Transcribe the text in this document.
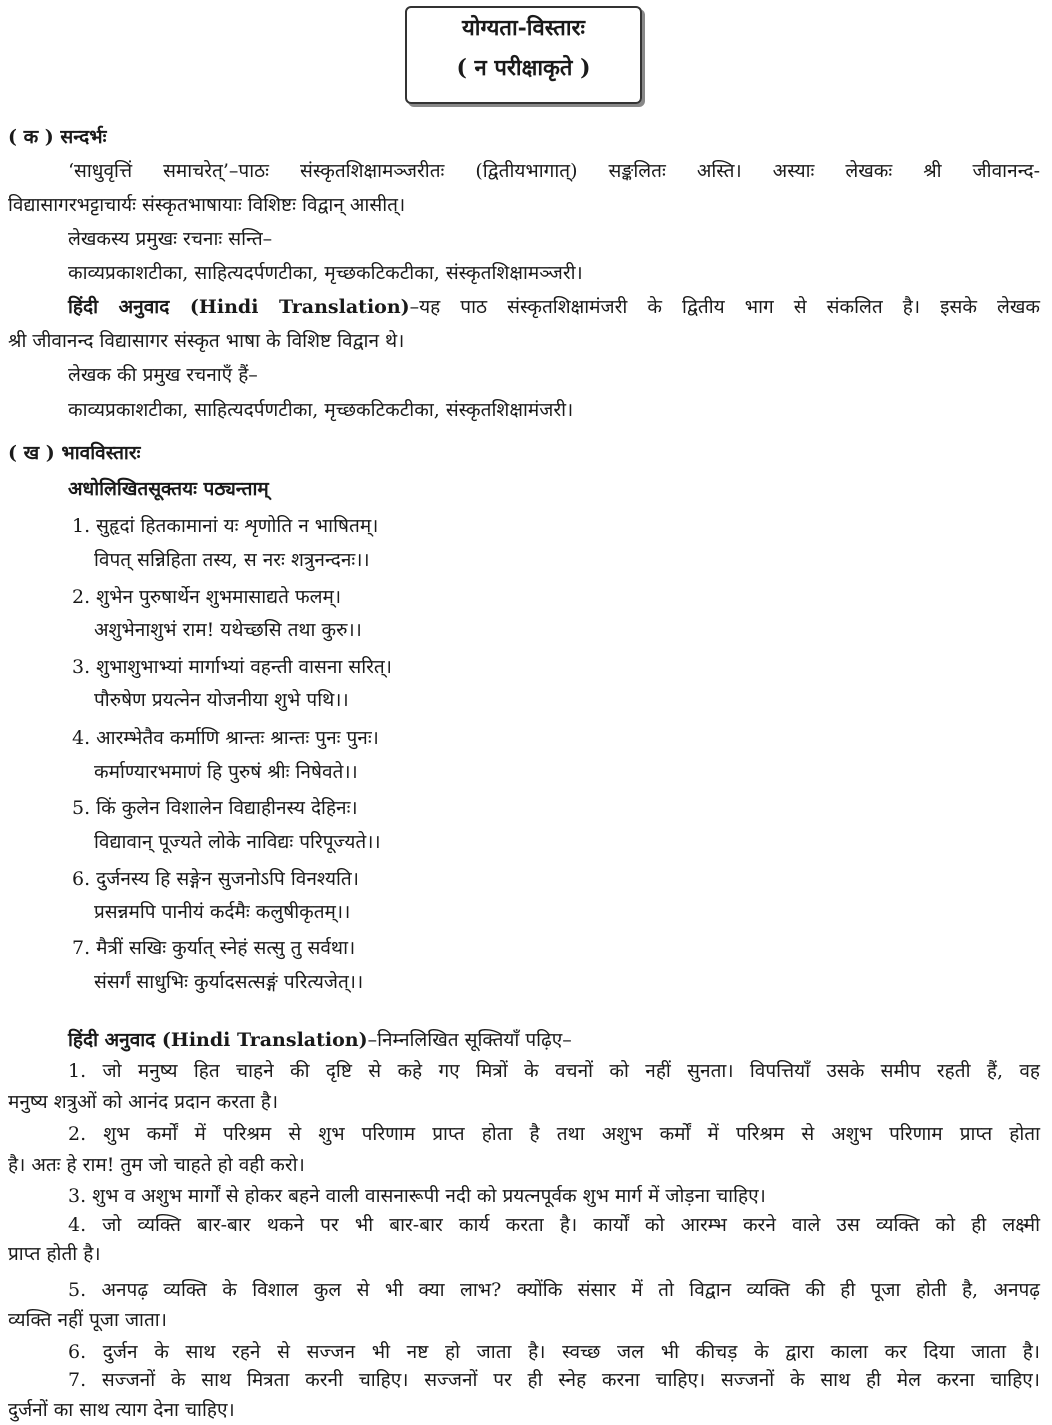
योग्यता-विस्तारः
( न परीक्षाकृते )
( क ) सन्दर्भः
‘साधुवृत्तिं समाचरेत्’–पाठः संस्कृतशिक्षामञ्जरीतः (द्वितीयभागात्) सङ्कलितः अस्ति। अस्याः लेखकः श्री जीवानन्द-
विद्यासागरभट्टाचार्यः संस्कृतभाषायाः विशिष्टः विद्वान् आसीत्।
लेखकस्य प्रमुखः रचनाः सन्ति–
काव्यप्रकाशटीका, साहित्यदर्पणटीका, मृच्छकटिकटीका, संस्कृतशिक्षामञ्जरी।
हिंदी अनुवाद (Hindi Translation)–यह पाठ संस्कृतशिक्षामंजरी के द्वितीय भाग से संकलित है। इसके लेखक
श्री जीवानन्द विद्यासागर संस्कृत भाषा के विशिष्ट विद्वान थे।
लेखक की प्रमुख रचनाएँ हैं–
काव्यप्रकाशटीका, साहित्यदर्पणटीका, मृच्छकटिकटीका, संस्कृतशिक्षामंजरी।
( ख ) भावविस्तारः
अधोलिखितसूक्तयः पठ्यन्ताम्
1. सुहृदां हितकामानां यः शृणोति न भाषितम्।
विपत् सन्निहिता तस्य, स नरः शत्रुनन्दनः।।
2. शुभेन पुरुषार्थेन शुभमासाद्यते फलम्।
अशुभेनाशुभं राम! यथेच्छसि तथा कुरु।।
3. शुभाशुभाभ्यां मार्गाभ्यां वहन्ती वासना सरित्।
पौरुषेण प्रयत्नेन योजनीया शुभे पथि।।
4. आरम्भेतैव कर्माणि श्रान्तः श्रान्तः पुनः पुनः।
कर्माण्यारभमाणं हि पुरुषं श्रीः निषेवते।।
5. किं कुलेन विशालेन विद्याहीनस्य देहिनः।
विद्यावान् पूज्यते लोके नाविद्यः परिपूज्यते।।
6. दुर्जनस्य हि सङ्गेन सुजनोऽपि विनश्यति।
प्रसन्नमपि पानीयं कर्दमैः कलुषीकृतम्।।
7. मैत्रीं सखिः कुर्यात् स्नेहं सत्सु तु सर्वथा।
संसर्गं साधुभिः कुर्यादसत्सङ्गं परित्यजेत्।।
हिंदी अनुवाद (Hindi Translation)–निम्नलिखित सूक्तियाँ पढ़िए–
1. जो मनुष्य हित चाहने की दृष्टि से कहे गए मित्रों के वचनों को नहीं सुनता। विपत्तियाँ उसके समीप रहती हैं, वह
मनुष्य शत्रुओं को आनंद प्रदान करता है।
2. शुभ कर्मों में परिश्रम से शुभ परिणाम प्राप्त होता है तथा अशुभ कर्मों में परिश्रम से अशुभ परिणाम प्राप्त होता
है। अतः हे राम! तुम जो चाहते हो वही करो।
3. शुभ व अशुभ मार्गों से होकर बहने वाली वासनारूपी नदी को प्रयत्नपूर्वक शुभ मार्ग में जोड़ना चाहिए।
4. जो व्यक्ति बार-बार थकने पर भी बार-बार कार्य करता है। कार्यों को आरम्भ करने वाले उस व्यक्ति को ही लक्ष्मी
प्राप्त होती है।
5. अनपढ़ व्यक्ति के विशाल कुल से भी क्या लाभ? क्योंकि संसार में तो विद्वान व्यक्ति की ही पूजा होती है, अनपढ़
व्यक्ति नहीं पूजा जाता।
6. दुर्जन के साथ रहने से सज्जन भी नष्ट हो जाता है। स्वच्छ जल भी कीचड़ के द्वारा काला कर दिया जाता है।
7. सज्जनों के साथ मित्रता करनी चाहिए। सज्जनों पर ही स्नेह करना चाहिए। सज्जनों के साथ ही मेल करना चाहिए।
दुर्जनों का साथ त्याग देना चाहिए।
